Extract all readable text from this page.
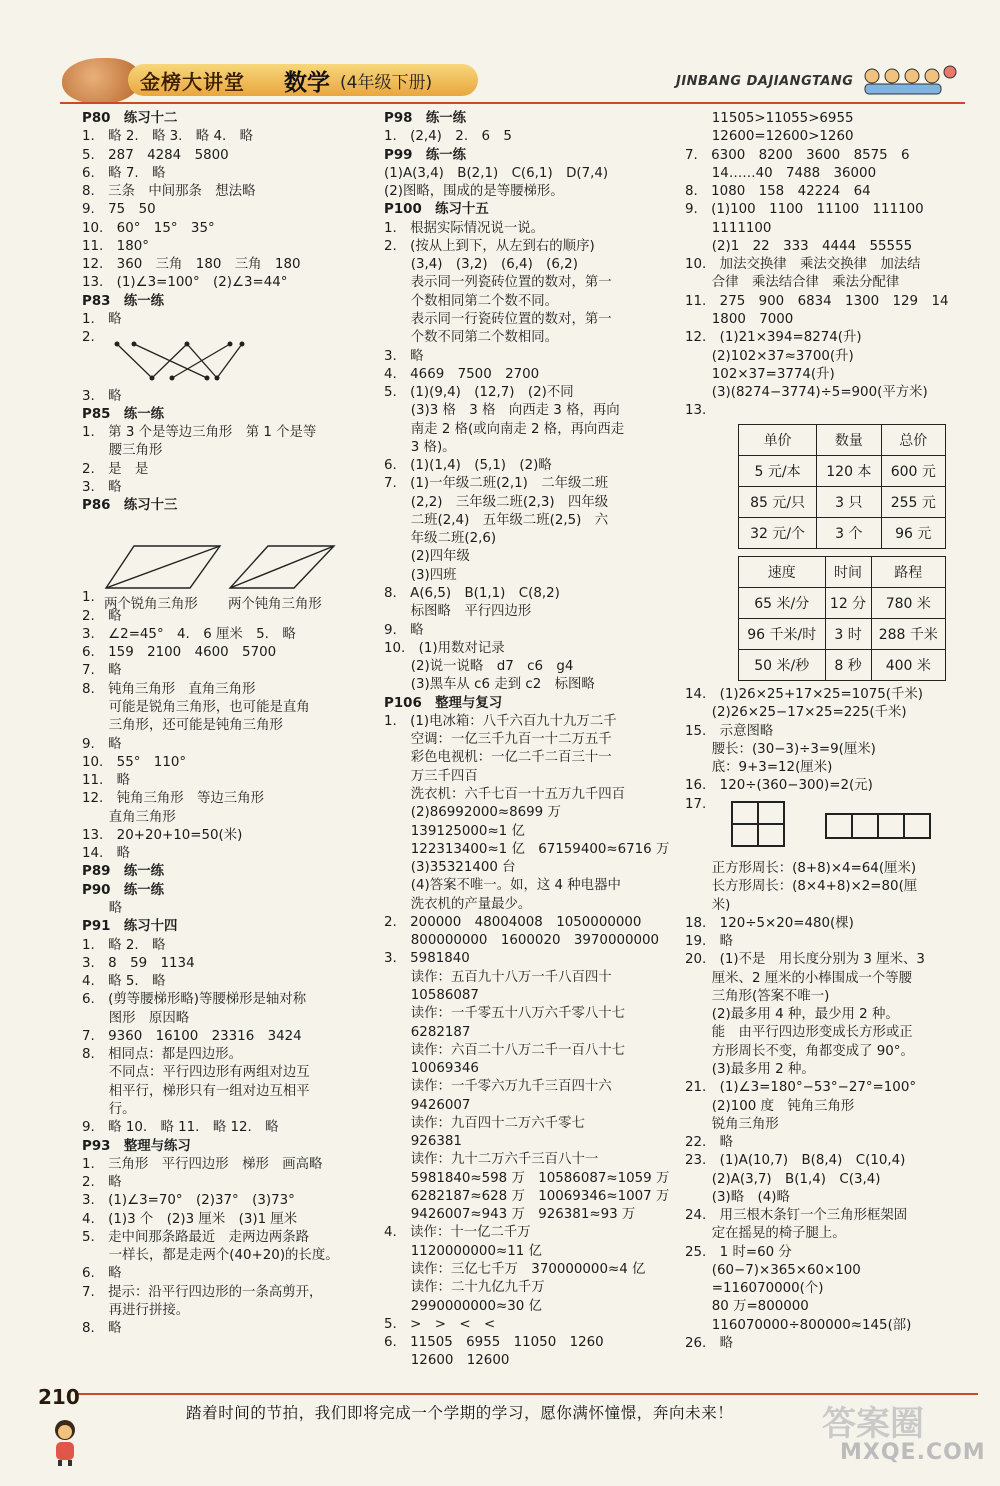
金榜大讲堂 数学 (4年级下册)	JINBANG DAJIANGTANG
P80　练习十二
1.　略 2.　略 3.　略 4.　略
5.　287　4284　5800
6.　略 7.　略
8.　三条　中间那条　想法略
9.　75　50
10.　60°　15°　35°
11.　180°
12.　360　三角　180　三角　180
13.　(1)∠3=100°　(2)∠3=44°
P83　练一练
1.　略
2.
3.　略
P85　练一练
1.　第 3 个是等边三角形　第 1 个是等
　　腰三角形
2.　是　是
3.　略
P86　练习十三
1.
2.　略
3.　∠2=45°　4.　6 厘米　5.　略
6.　159　2100　4600　5700
7.　略
8.　钝角三角形　直角三角形
　　可能是锐角三角形，也可能是直角
　　三角形，还可能是钝角三角形
9.　略
10.　55°　110°
11.　略
12.　钝角三角形　等边三角形
　　直角三角形
13.　20+20+10=50(米)
14.　略
P89　练一练
P90　练一练
　　略
P91　练习十四
1.　略 2.　略
3.　8　59　1134
4.　略 5.　略
6.　(剪等腰梯形略)等腰梯形是轴对称
　　图形　原因略
7.　9360　16100　23316　3424
8.　相同点：都是四边形。
　　不同点：平行四边形有两组对边互
　　相平行，梯形只有一组对边互相平
　　行。
9.　略 10.　略 11.　略 12.　略
P93　整理与练习
1.　三角形　平行四边形　梯形　画高略
2.　略
3.　(1)∠3=70°　(2)37°　(3)73°
4.　(1)3 个　(2)3 厘米　(3)1 厘米
5.　走中间那条路最近　走两边两条路
　　一样长，都是走两个(40+20)的长度。
6.　略
7.　提示：沿平行四边形的一条高剪开，
　　再进行拼接。
8.　略
两个锐角三角形 两个钝角三角形
P98　练一练
1.　(2,4)　2.　6　5
P99　练一练
(1)A(3,4)　B(2,1)　C(6,1)　D(7,4)
(2)图略，围成的是等腰梯形。
P100　练习十五
1.　根据实际情况说一说。
2.　(按从上到下，从左到右的顺序)
　　(3,4)　(3,2)　(6,4)　(6,2)
　　表示同一列瓷砖位置的数对，第一
　　个数相同第二个数不同。
　　表示同一行瓷砖位置的数对，第一
　　个数不同第二个数相同。
3.　略
4.　4669　7500　2700
5.　(1)(9,4)　(12,7)　(2)不同
　　(3)3 格　3 格　向西走 3 格，再向
　　南走 2 格(或向南走 2 格，再向西走
　　3 格)。
6.　(1)(1,4)　(5,1)　(2)略
7.　(1)一年级二班(2,1)　二年级二班
　　(2,2)　三年级二班(2,3)　四年级
　　二班(2,4)　五年级二班(2,5)　六
　　年级二班(2,6)
　　(2)四年级
　　(3)四班
8.　A(6,5)　B(1,1)　C(8,2)
　　标图略　平行四边形
9.　略
10.　(1)用数对记录
　　(2)说一说略　d7　c6　g4
　　(3)黑车从 c6 走到 c2　标图略
P106　整理与复习
1.　(1)电冰箱：八千六百九十九万二千
　　空调：一亿三千九百一十二万五千
　　彩色电视机：一亿二千二百三十一
　　万三千四百
　　洗衣机：六千七百一十五万九千四百
　　(2)86992000≈8699 万
　　139125000≈1 亿
　　122313400≈1 亿　67159400≈6716 万
　　(3)35321400 台
　　(4)答案不唯一。如，这 4 种电器中
　　洗衣机的产量最少。
2.　200000　48004008　1050000000
　　800000000　1600020　3970000000
3.　5981840
　　读作：五百九十八万一千八百四十
　　10586087
　　读作：一千零五十八万六千零八十七
　　6282187
　　读作：六百二十八万二千一百八十七
　　10069346
　　读作：一千零六万九千三百四十六
　　9426007
　　读作：九百四十二万六千零七
　　926381
　　读作：九十二万六千三百八十一
　　5981840≈598 万　10586087≈1059 万
　　6282187≈628 万　10069346≈1007 万
　　9426007≈943 万　926381≈93 万
4.　读作：十一亿二千万
　　1120000000≈11 亿
　　读作：三亿七千万　370000000≈4 亿
　　读作：二十九亿九千万
　　2990000000≈30 亿
5.　>　>　<　<
6.　11505　6955　11050　1260
　　12600　12600
　　11505>11055>6955
　　12600=12600>1260
7.　6300　8200　3600　8575　6
　　14……40　7488　36000
8.　1080　158　42224　64
9.　(1)100　1100　11100　111100
　　1111100
　　(2)1　22　333　4444　55555
10.　加法交换律　乘法交换律　加法结
　　合律　乘法结合律　乘法分配律
11.　275　900　6834　1300　129　14
　　1800　7000
12.　(1)21×394=8274(升)
　　(2)102×37≈3700(升)
　　102×37=3774(升)
　　(3)(8274−3774)÷5=900(平方米)
13.
14.　(1)26×25+17×25=1075(千米)
　　(2)26×25−17×25=225(千米)
15.　示意图略
　　腰长：(30−3)÷3=9(厘米)
　　底：9+3=12(厘米)
16.　120÷(360−300)=2(元)
17.
　　正方形周长：(8+8)×4=64(厘米)
　　长方形周长：(8×4+8)×2=80(厘
　　米)
18.　120÷5×20=480(棵)
19.　略
20.　(1)不是　用长度分别为 3 厘米、3
　　厘米、2 厘米的小棒围成一个等腰
　　三角形(答案不唯一)
　　(2)最多用 4 种，最少用 2 种。
　　能　由平行四边形变成长方形或正
　　方形周长不变，角都变成了 90°。
　　(3)最多用 2 种。
21.　(1)∠3=180°−53°−27°=100°
　　(2)100 度　钝角三角形
　　锐角三角形
22.　略
23.　(1)A(10,7)　B(8,4)　C(10,4)
　　(2)A(3,7)　B(1,4)　C(3,4)
　　(3)略　(4)略
24.　用三根木条钉一个三角形框架固
　　定在摇晃的椅子腿上。
25.　1 时=60 分
　　(60−7)×365×60×100
　　=116070000(个)
　　80 万=800000
　　116070000÷800000≈145(部)
26.　略
单价	数量	总价
5 元/本	120 本	600 元
85 元/只	3 只	255 元
32 元/个	3 个	96 元
速度	时间	路程
65 米/分	12 分	780 米
96 千米/时	3 时	288 千米
50 米/秒	8 秒	400 米
210
踏着时间的节拍，我们即将完成一个学期的学习，愿你满怀憧憬，奔向未来！	答案圈
MXQE.COM
